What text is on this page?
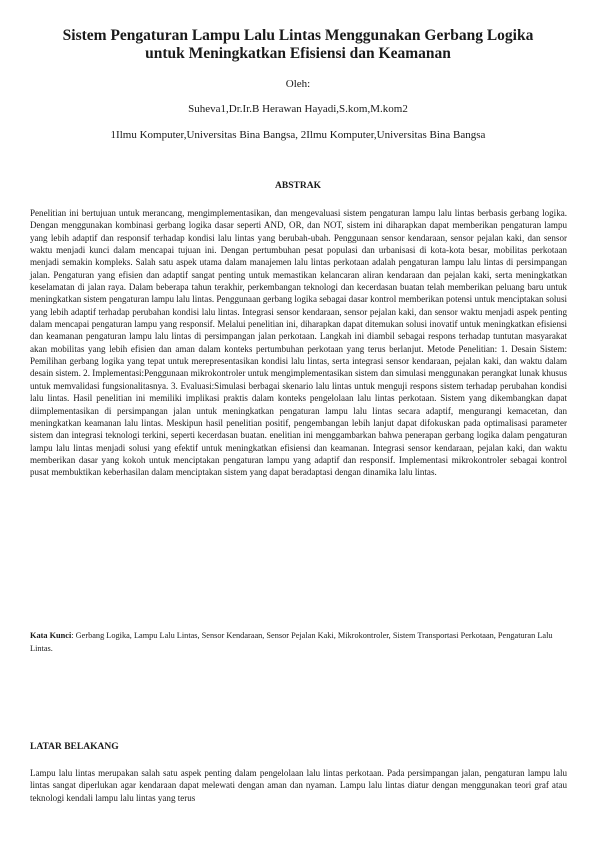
Sistem Pengaturan Lampu Lalu Lintas Menggunakan Gerbang Logika
untuk Meningkatkan Efisiensi dan Keamanan

Oleh:

Suheva1,Dr.Ir.B Herawan Hayadi,S.kom,M.kom2

1Ilmu Komputer,Universitas Bina Bangsa, 2Ilmu Komputer,Universitas Bina Bangsa

ABSTRAK

Penelitian ini bertujuan untuk merancang, mengimplementasikan, dan mengevaluasi sistem pengaturan lampu lalu lintas berbasis gerbang logika. Dengan menggunakan kombinasi gerbang logika dasar seperti AND, OR, dan NOT, sistem ini diharapkan dapat memberikan pengaturan lampu yang lebih adaptif dan responsif terhadap kondisi lalu lintas yang berubah-ubah. Penggunaan sensor kendaraan, sensor pejalan kaki, dan sensor waktu menjadi kunci dalam mencapai tujuan ini. Dengan pertumbuhan pesat populasi dan urbanisasi di kota-kota besar, mobilitas perkotaan menjadi semakin kompleks. Salah satu aspek utama dalam manajemen lalu lintas perkotaan adalah pengaturan lampu lalu lintas di persimpangan jalan. Pengaturan yang efisien dan adaptif sangat penting untuk memastikan kelancaran aliran kendaraan dan pejalan kaki, serta meningkatkan keselamatan di jalan raya. Dalam beberapa tahun terakhir, perkembangan teknologi dan kecerdasan buatan telah memberikan peluang baru untuk meningkatkan sistem pengaturan lampu lalu lintas. Penggunaan gerbang logika sebagai dasar kontrol memberikan potensi untuk menciptakan solusi yang lebih adaptif terhadap perubahan kondisi lalu lintas. Integrasi sensor kendaraan, sensor pejalan kaki, dan sensor waktu menjadi aspek penting dalam mencapai pengaturan lampu yang responsif. Melalui penelitian ini, diharapkan dapat ditemukan solusi inovatif untuk meningkatkan efisiensi dan keamanan pengaturan lampu lalu lintas di persimpangan jalan perkotaan. Langkah ini diambil sebagai respons terhadap tuntutan masyarakat akan mobilitas yang lebih efisien dan aman dalam konteks pertumbuhan perkotaan yang terus berlanjut. Metode Penelitian: 1. Desain Sistem: Pemilihan gerbang logika yang tepat untuk merepresentasikan kondisi lalu lintas, serta integrasi sensor kendaraan, pejalan kaki, dan waktu dalam desain sistem. 2. Implementasi:Penggunaan mikrokontroler untuk mengimplementasikan sistem dan simulasi menggunakan perangkat lunak khusus untuk memvalidasi fungsionalitasnya. 3. Evaluasi:Simulasi berbagai skenario lalu lintas untuk menguji respons sistem terhadap perubahan kondisi lalu lintas. Hasil penelitian ini memiliki implikasi praktis dalam konteks pengelolaan lalu lintas perkotaan. Sistem yang dikembangkan dapat diimplementasikan di persimpangan jalan untuk meningkatkan pengaturan lampu lalu lintas secara adaptif, mengurangi kemacetan, dan meningkatkan keamanan lalu lintas. Meskipun hasil penelitian positif, pengembangan lebih lanjut dapat difokuskan pada optimalisasi parameter sistem dan integrasi teknologi terkini, seperti kecerdasan buatan. enelitian ini menggambarkan bahwa penerapan gerbang logika dalam pengaturan lampu lalu lintas menjadi solusi yang efektif untuk meningkatkan efisiensi dan keamanan. Integrasi sensor kendaraan, pejalan kaki, dan waktu memberikan dasar yang kokoh untuk menciptakan pengaturan lampu yang adaptif dan responsif. Implementasi mikrokontroler sebagai kontrol pusat membuktikan keberhasilan dalam menciptakan sistem yang dapat beradaptasi dengan dinamika lalu lintas.

Kata Kunci: Gerbang Logika, Lampu Lalu Lintas, Sensor Kendaraan, Sensor Pejalan Kaki, Mikrokontroler, Sistem Transportasi Perkotaan, Pengaturan Lalu Lintas.

LATAR BELAKANG

Lampu lalu lintas merupakan salah satu aspek penting dalam pengelolaan lalu lintas perkotaan. Pada persimpangan jalan, pengaturan lampu lalu lintas sangat diperlukan agar kendaraan dapat melewati dengan aman dan nyaman. Lampu lalu lintas diatur dengan menggunakan teori graf atau teknologi kendali lampu lalu lintas yang terus
